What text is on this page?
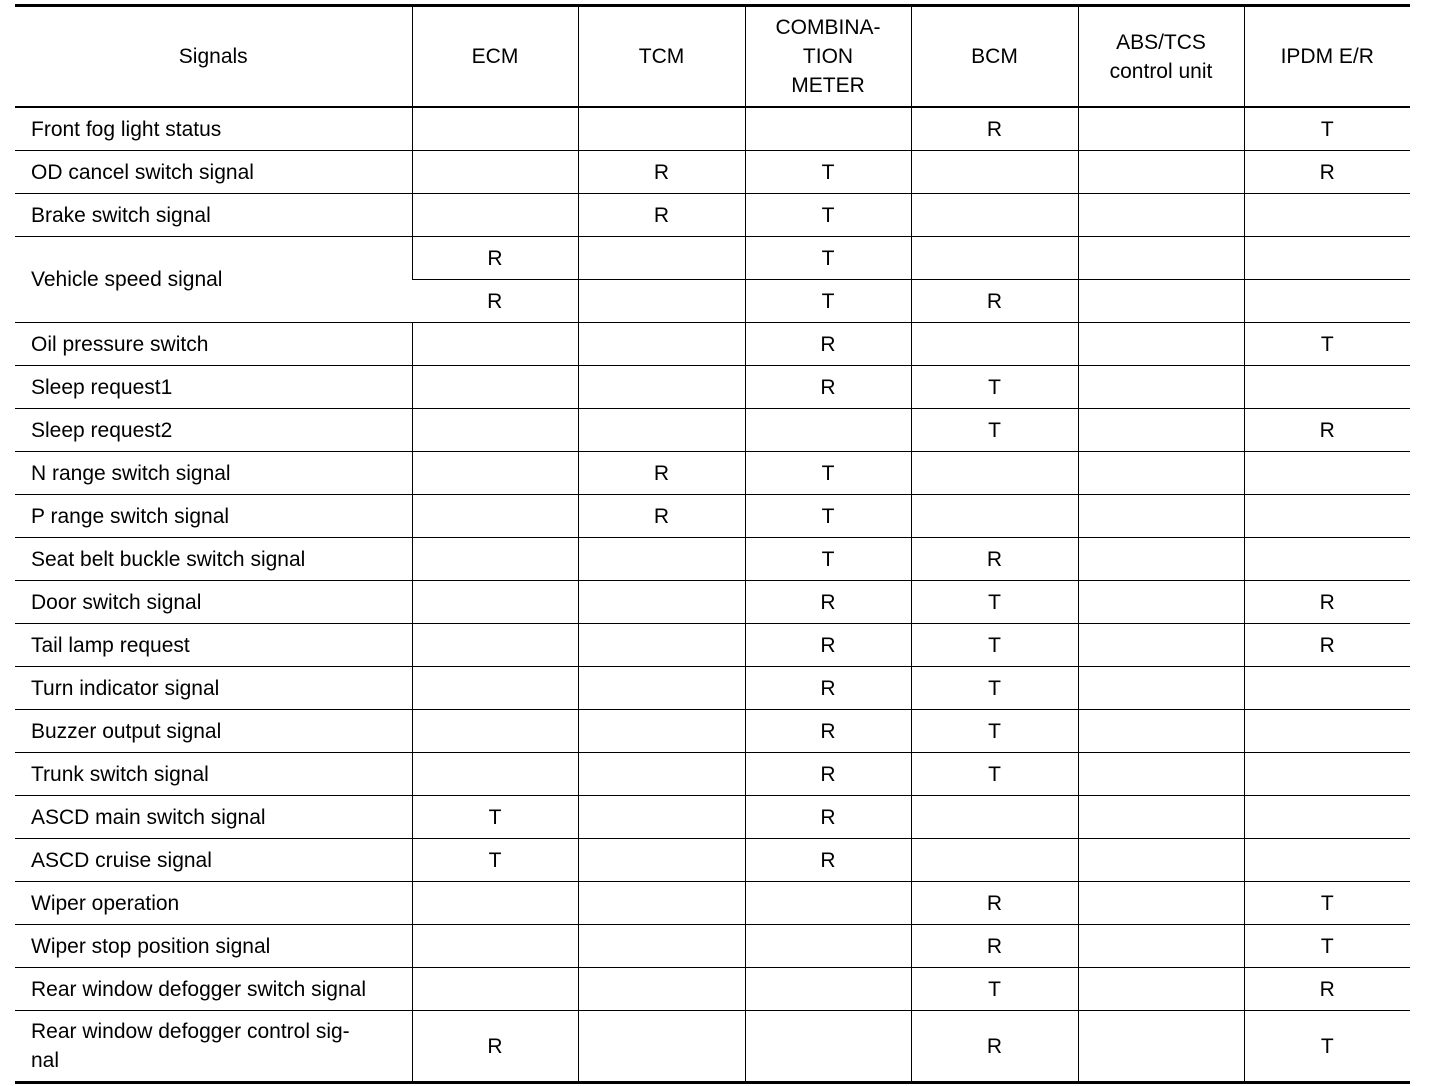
Signals	ECM	TCM	COMBINA-
TION
METER	BCM	ABS/TCS
control unit	IPDM E/R
Front fog light status				R		T
OD cancel switch signal		R	T			R
Brake switch signal		R	T			
Vehicle speed signal	R		T			
	R		T	R		
Oil pressure switch			R			T
Sleep request1			R	T		
Sleep request2				T		R
N range switch signal		R	T			
P range switch signal		R	T			
Seat belt buckle switch signal			T	R		
Door switch signal			R	T		R
Tail lamp request			R	T		R
Turn indicator signal			R	T		
Buzzer output signal			R	T		
Trunk switch signal			R	T		
ASCD main switch signal	T		R			
ASCD cruise signal	T		R			
Wiper operation				R		T
Wiper stop position signal				R		T
Rear window defogger switch signal				T		R
Rear window defogger control sig-
nal	R			R		T
